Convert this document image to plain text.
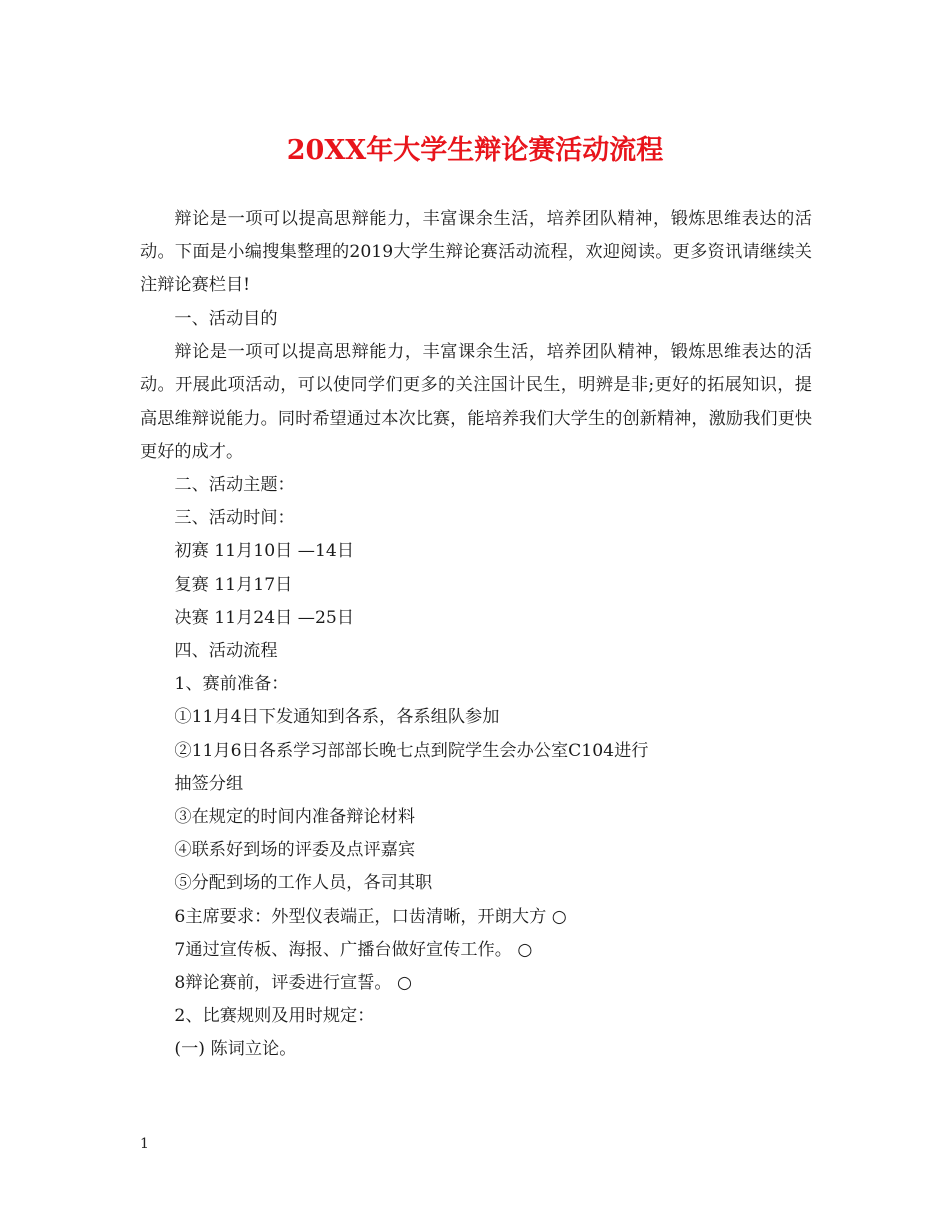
20XX年大学生辩论赛活动流程

辩论是一项可以提高思辩能力，丰富课余生活，培养团队精神，锻炼思维表达的活动。下面是小编搜集整理的2019大学生辩论赛活动流程，欢迎阅读。更多资讯请继续关注辩论赛栏目!

一、活动目的

辩论是一项可以提高思辩能力，丰富课余生活，培养团队精神，锻炼思维表达的活动。开展此项活动，可以使同学们更多的关注国计民生，明辨是非;更好的拓展知识，提高思维辩说能力。同时希望通过本次比赛，能培养我们大学生的创新精神，激励我们更快更好的成才。

二、活动主题：

三、活动时间：

初赛 11月10日 —14日

复赛 11月17日

决赛 11月24日 —25日

四、活动流程

1、赛前准备：

①11月4日下发通知到各系，各系组队参加

②11月6日各系学习部部长晚七点到院学生会办公室C104进行

抽签分组

③在规定的时间内准备辩论材料

④联系好到场的评委及点评嘉宾

⑤分配到场的工作人员，各司其职

6主席要求：外型仪表端正，口齿清晰，开朗大方 ○

7通过宣传板、海报、广播台做好宣传工作。 ○

8辩论赛前，评委进行宣誓。 ○

2、比赛规则及用时规定：

(一) 陈词立论。

1
